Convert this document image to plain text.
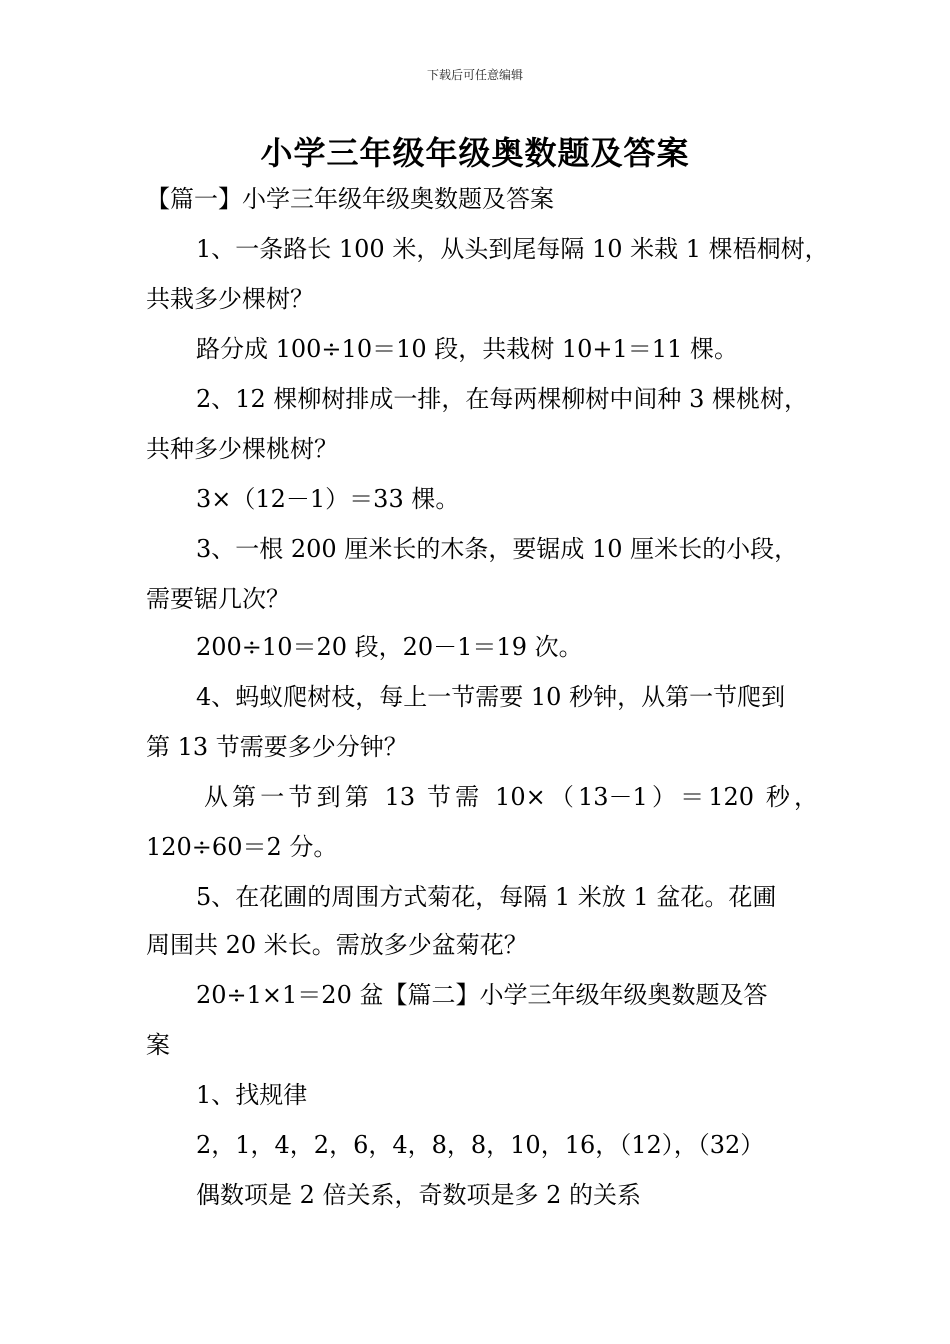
下载后可任意编辑
小学三年级年级奥数题及答案
【篇一】小学三年级年级奥数题及答案
1、一条路长 100 米，从头到尾每隔 10 米栽 1 棵梧桐树，
共栽多少棵树？
路分成 100÷10＝10 段，共栽树 10+1＝11 棵。
2、12 棵柳树排成一排，在每两棵柳树中间种 3 棵桃树，
共种多少棵桃树？
3×（12－1）＝33 棵。
3、一根 200 厘米长的木条，要锯成 10 厘米长的小段，
需要锯几次？
200÷10＝20 段，20－1＝19 次。
4、蚂蚁爬树枝，每上一节需要 10 秒钟，从第一节爬到
第 13 节需要多少分钟？
从第一节到第 13 节需 10×（13－1）＝120 秒，
120÷60＝2 分。
5、在花圃的周围方式菊花，每隔 1 米放 1 盆花。花圃
周围共 20 米长。需放多少盆菊花？
20÷1×1＝20 盆【篇二】小学三年级年级奥数题及答
案
1、找规律
2，1，4，2，6，4，8，8，10，16，（12），（32）
偶数项是 2 倍关系，奇数项是多 2 的关系
